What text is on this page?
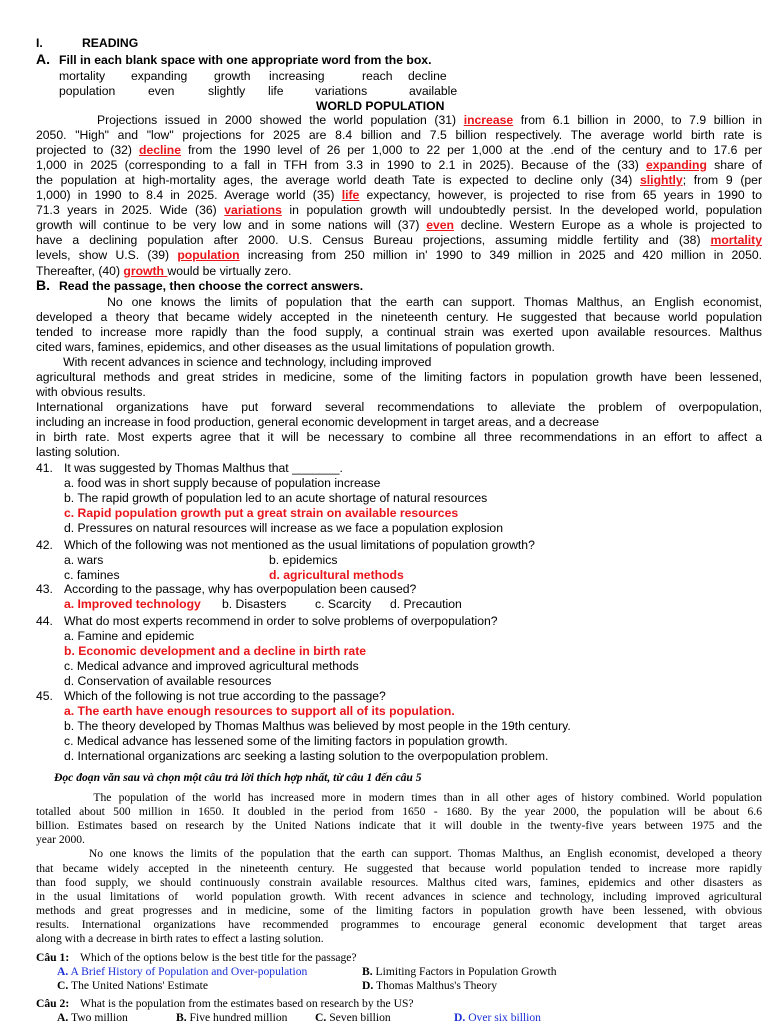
I.	READING
A. Fill in each blank space with one appropriate word from the box.
mortality expanding growth increasing	reach decline
population	even	slightly life	variations	available
WORLD POPULATION
Projections issued in 2000 showed the world population (31) increase from 6.1 billion in 2000, to 7.9 billion in
2050. "High" and "low" projections for 2025 are 8.4 billion and 7.5 billion respectively. The average world birth rate is
projected to (32) decline from the 1990 level of 26 per 1,000 to 22 per 1,000 at the .end of the century and to 17.6 per
1,000 in 2025 (corresponding to a fall in TFH from 3.3 in 1990 to 2.1 in 2025). Because of the (33) expanding share of
the population at high-mortality ages, the average world death Tate is expected to decline only (34) slightly; from 9 (per
1,000) in 1990 to 8.4 in 2025. Average world (35) life expectancy, however, is projected to rise from 65 years in 1990 to
71.3 years in 2025. Wide (36) variations in population growth will undoubtedly persist. In the developed world, population
growth will continue to be very low and in some nations will (37) even decline. Western Europe as a whole is projected to
have a declining population after 2000. U.S. Census Bureau projections, assuming middle fertility and (38) mortality
levels, show U.S. (39) population increasing from 250 million in' 1990 to 349 million in 2025 and 420 million in 2050.
Thereafter, (40) growth would be virtually zero.
B. Read the passage, then choose the correct answers.
No one knows the limits of population that the earth can support. Thomas Malthus, an English economist,
developed a theory that became widely accepted in the nineteenth century. He suggested that because world population
tended to increase more rapidly than the food supply, a continual strain was exerted upon available resources. Malthus
cited wars, famines, epidemics, and other diseases as the usual limitations of population growth.
With recent advances in science and technology, including improved
agricultural methods and great strides in medicine, some of the limiting factors in population growth have been lessened,
with obvious results.
International organizations have put forward several recommendations to alleviate the problem of overpopulation,
including an increase in food production, general economic development in target areas, and a decrease
in birth rate. Most experts agree that it will be necessary to combine all three recommendations in an effort to affect a
lasting solution.
41. It was suggested by Thomas Malthus that _______.
a. food was in short supply because of population increase
b. The rapid growth of population led to an acute shortage of natural resources
c. Rapid population growth put a great strain on available resources
d. Pressures on natural resources will increase as we face a population explosion
42. Which of the following was not mentioned as the usual limitations of population growth?
a. wars	b. epidemics
c. famines	d. agricultural methods
43. According to the passage, why has overpopulation been caused?
a. Improved technology b. Disasters c. Scarcity d. Precaution
44. What do most experts recommend in order to solve problems of overpopulation?
a. Famine and epidemic
b. Economic development and a decline in birth rate
c. Medical advance and improved agricultural methods
d. Conservation of available resources
45. Which of the following is not true according to the passage?
a. The earth have enough resources to support all of its population.
b. The theory developed by Thomas Malthus was believed by most people in the 19th century.
c. Medical advance has lessened some of the limiting factors in population growth.
d. International organizations arc seeking a lasting solution to the overpopulation problem.
Đọc đoạn văn sau và chọn một câu trả lời thích hợp nhất, từ câu 1 đến câu 5
The population of the world has increased more in modern times than in all other ages of history combined. World population
totalled about 500 million in 1650. It doubled in the period from 1650 - 1680. By the year 2000, the population will be about 6.6
billion. Estimates based on research by the United Nations indicate that it will double in the twenty-five years between 1975 and the
year 2000.
No one knows the limits of the population that the earth can support. Thomas Malthus, an English economist, developed a theory
that became widely accepted in the nineteenth century. He suggested that because world population tended to increase more rapidly
than food supply, we should continuously constrain available resources. Malthus cited wars, famines, epidemics and other disasters as
in the usual limitations of  world population growth. With recent advances in science and technology, including improved agricultural
methods and great progresses and in medicine, some of the limiting factors in population growth have been lessened, with obvious
results. International organizations have recommended programmes to encourage general economic development that target areas
along with a decrease in birth rates to effect a lasting solution.
Câu 1: Which of the options below is the best title for the passage?
A. A Brief History of Population and Over-population	B. Limiting Factors in Population Growth
C. The United Nations' Estimate	D. Thomas Malthus's Theory
Câu 2: What is the population from the estimates based on research by the US?
A. Two million	B. Five hundred million C. Seven billion	D. Over six billion
